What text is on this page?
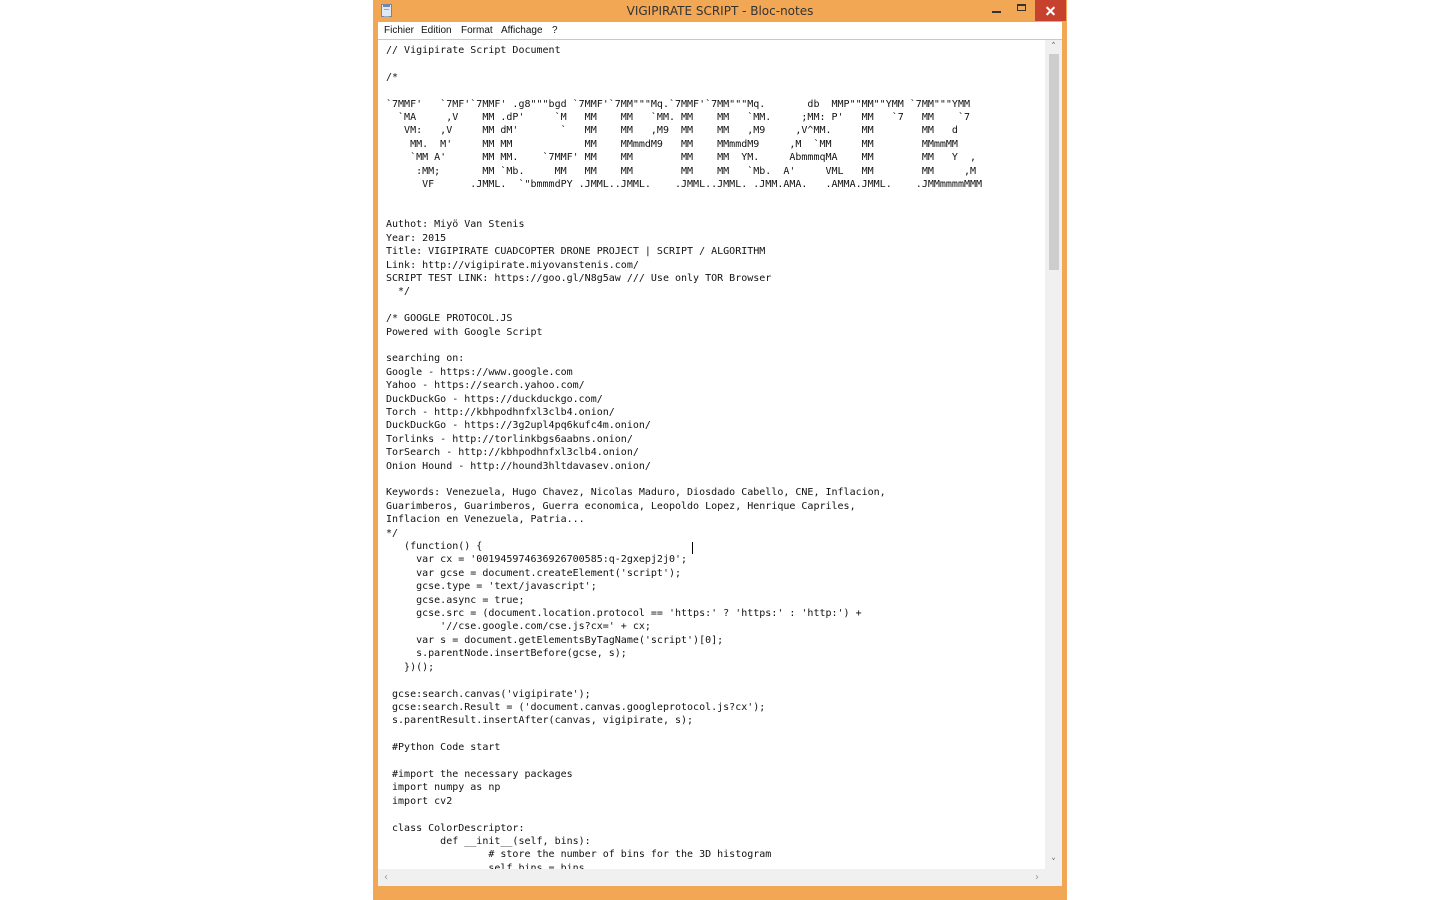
VIGIPIRATE SCRIPT - Bloc-notes
Fichier Edition Format Affichage ?
// Vigipirate Script Document

/*

`7MMF'   `7MF'`7MMF' .g8"""bgd `7MMF'`7MM"""Mq.`7MMF'`7MM"""Mq.       db  MMP""MM""YMM `7MM"""YMM
`MA     ,V    MM .dP'     `M   MM    MM   `MM. MM    MM   `MM.     ;MM: P'   MM   `7   MM    `7
VM:   ,V     MM dM'       `   MM    MM   ,M9  MM    MM   ,M9     ,V^MM.     MM        MM   d
MM.  M'     MM MM            MM    MMmmdM9   MM    MMmmdM9     ,M  `MM     MM        MMmmMM
`MM A'      MM MM.    `7MMF' MM    MM        MM    MM  YM.     AbmmmqMA    MM        MM   Y  ,
:MM;       MM `Mb.     MM   MM    MM        MM    MM   `Mb.  A'     VML   MM        MM     ,M
VF      .JMML.  `"bmmmdPY .JMML..JMML.    .JMML..JMML. .JMM.AMA.   .AMMA.JMML.    .JMMmmmmMMM

Authot: Miyö Van Stenis
Year: 2015
Title: VIGIPIRATE CUADCOPTER DRONE PROJECT | SCRIPT / ALGORITHM
Link: http://vigipirate.miyovanstenis.com/
SCRIPT TEST LINK: https://goo.gl/N8g5aw /// Use only TOR Browser
*/

/* GOOGLE PROTOCOL.JS
Powered with Google Script

searching on:
Google - https://www.google.com
Yahoo - https://search.yahoo.com/
DuckDuckGo - https://duckduckgo.com/
Torch - http://kbhpodhnfxl3clb4.onion/
DuckDuckGo - https://3g2upl4pq6kufc4m.onion/
Torlinks - http://torlinkbgs6aabns.onion/
TorSearch - http://kbhpodhnfxl3clb4.onion/
Onion Hound - http://hound3hltdavasev.onion/

Keywords: Venezuela, Hugo Chavez, Nicolas Maduro, Diosdado Cabello, CNE, Inflacion,
Guarimberos, Guarimberos, Guerra economica, Leopoldo Lopez, Henrique Capriles,
Inflacion en Venezuela, Patria...
*/
(function() {
var cx = '001945974636926700585:q-2gxepj2j0';
var gcse = document.createElement('script');
gcse.type = 'text/javascript';
gcse.async = true;
gcse.src = (document.location.protocol == 'https:' ? 'https:' : 'http:') +
'//cse.google.com/cse.js?cx=' + cx;
var s = document.getElementsByTagName('script')[0];
s.parentNode.insertBefore(gcse, s);
})();

gcse:search.canvas('vigipirate');
gcse:search.Result = ('document.canvas.googleprotocol.js?cx');
s.parentResult.insertAfter(canvas, vigipirate, s);

#Python Code start

#import the necessary packages
import numpy as np
import cv2

class ColorDescriptor:
def __init__(self, bins):
# store the number of bins for the 3D histogram
˄
˅
‹	›
